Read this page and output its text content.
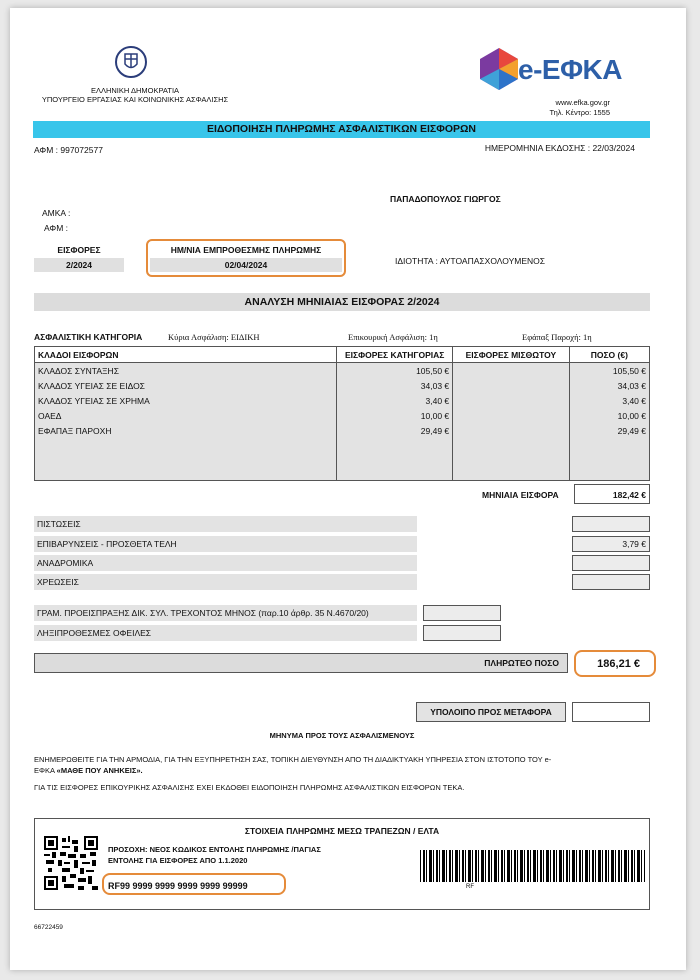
ΕΛΛΗΝΙΚΗ ΔΗΜΟΚΡΑΤΙΑ
ΥΠΟΥΡΓΕΙΟ ΕΡΓΑΣΙΑΣ ΚΑΙ ΚΟΙΝΩΝΙΚΗΣ ΑΣΦΑΛΙΣΗΣ
e-ΕΦΚΑ
www.efka.gov.gr
Τηλ. Κέντρο: 1555
ΕΙΔΟΠΟΙΗΣΗ ΠΛΗΡΩΜΗΣ ΑΣΦΑΛΙΣΤΙΚΩΝ ΕΙΣΦΟΡΩΝ
ΑΦΜ : 997072577	ΗΜΕΡΟΜΗΝΙΑ ΕΚΔΟΣΗΣ : 22/03/2024
ΠΑΠΑΔΟΠΟΥΛΟΣ ΓΙΩΡΓΟΣ
ΑΜΚΑ :
ΑΦΜ :
ΕΙΣΦΟΡΕΣ
2/2024
ΗΜ/ΝΙΑ ΕΜΠΡΟΘΕΣΜΗΣ ΠΛΗΡΩΜΗΣ
02/04/2024	ΙΔΙΟΤΗΤΑ : ΑΥΤΟΑΠΑΣΧΟΛΟΥΜΕΝΟΣ
ΑΝΑΛΥΣΗ ΜΗΝΙΑΙΑΣ ΕΙΣΦΟΡΑΣ 2/2024
ΑΣΦΑΛΙΣΤΙΚΗ ΚΑΤΗΓΟΡΙΑ	Κύρια Ασφάλιση: ΕΙΔΙΚΗ	Επικουρική Ασφάλιση: 1η	Εφάπαξ Παροχή: 1η
ΚΛΑΔΟΙ ΕΙΣΦΟΡΩΝ	ΕΙΣΦΟΡΕΣ ΚΑΤΗΓΟΡΙΑΣ	ΕΙΣΦΟΡΕΣ ΜΙΣΘΩΤΟΥ	ΠΟΣΟ (€)
ΚΛΑΔΟΣ ΣΥΝΤΑΞΗΣ	105,50 €		105,50 €
ΚΛΑΔΟΣ ΥΓΕΙΑΣ ΣΕ ΕΙΔΟΣ	34,03 €		34,03 €
ΚΛΑΔΟΣ ΥΓΕΙΑΣ ΣΕ ΧΡΗΜΑ	3,40 €		3,40 €
ΟΑΕΔ	10,00 €		10,00 €
ΕΦΑΠΑΞ ΠΑΡΟΧΗ	29,49 €		29,49 €

ΜΗΝΙΑΙΑ ΕΙΣΦΟΡΑ	182,42 €
ΠΙΣΤΩΣΕΙΣ
ΕΠΙΒΑΡΥΝΣΕΙΣ - ΠΡΟΣΘΕΤΑ ΤΕΛΗ	3,79 €
ΑΝΑΔΡΟΜΙΚΑ
ΧΡΕΩΣΕΙΣ
ΓΡΑΜ. ΠΡΟΕΙΣΠΡΑΞΗΣ ΔΙΚ. ΣΥΛ. ΤΡΕΧΟΝΤΟΣ ΜΗΝΟΣ (παρ.10 άρθρ. 35 Ν.4670/20)
ΛΗΞΙΠΡΟΘΕΣΜΕΣ ΟΦΕΙΛΕΣ
ΠΛΗΡΩΤΕΟ ΠΟΣΟ	186,21 €
ΥΠΟΛΟΙΠΟ ΠΡΟΣ ΜΕΤΑΦΟΡΑ
ΜΗΝΥΜΑ ΠΡΟΣ ΤΟΥΣ ΑΣΦΑΛΙΣΜΕΝΟΥΣ
ΕΝΗΜΕΡΩΘΕΙΤΕ ΓΙΑ ΤΗΝ ΑΡΜΟΔΙΑ, ΓΙΑ ΤΗΝ ΕΞΥΠΗΡΕΤΗΣΗ ΣΑΣ, ΤΟΠΙΚΗ ΔΙΕΥΘΥΝΣΗ ΑΠΟ ΤΗ ΔΙΑΔΙΚΤΥΑΚΗ ΥΠΗΡΕΣΙΑ ΣΤΟΝ ΙΣΤΟΤΟΠΟ ΤΟΥ e-
ΕΦΚΑ «ΜΑΘΕ ΠΟΥ ΑΝΗΚΕΙΣ».
ΓΙΑ ΤΙΣ ΕΙΣΦΟΡΕΣ ΕΠΙΚΟΥΡΙΚΗΣ ΑΣΦΑΛΙΣΗΣ ΕΧΕΙ ΕΚΔΟΘΕΙ ΕΙΔΟΠΟΙΗΣΗ ΠΛΗΡΩΜΗΣ ΑΣΦΑΛΙΣΤΙΚΩΝ ΕΙΣΦΟΡΩΝ ΤΕΚΑ.
ΣΤΟΙΧΕΙΑ ΠΛΗΡΩΜΗΣ ΜΕΣΩ ΤΡΑΠΕΖΩΝ / ΕΛΤΑ
ΠΡΟΣΟΧΗ: ΝΕΟΣ ΚΩΔΙΚΟΣ ΕΝΤΟΛΗΣ ΠΛΗΡΩΜΗΣ /ΠΑΓΙΑΣ ΕΝΤΟΛΗΣ ΓΙΑ ΕΙΣΦΟΡΕΣ ΑΠΟ 1.1.2020
RF99 9999 9999 9999 9999 99999	RF
66722459
